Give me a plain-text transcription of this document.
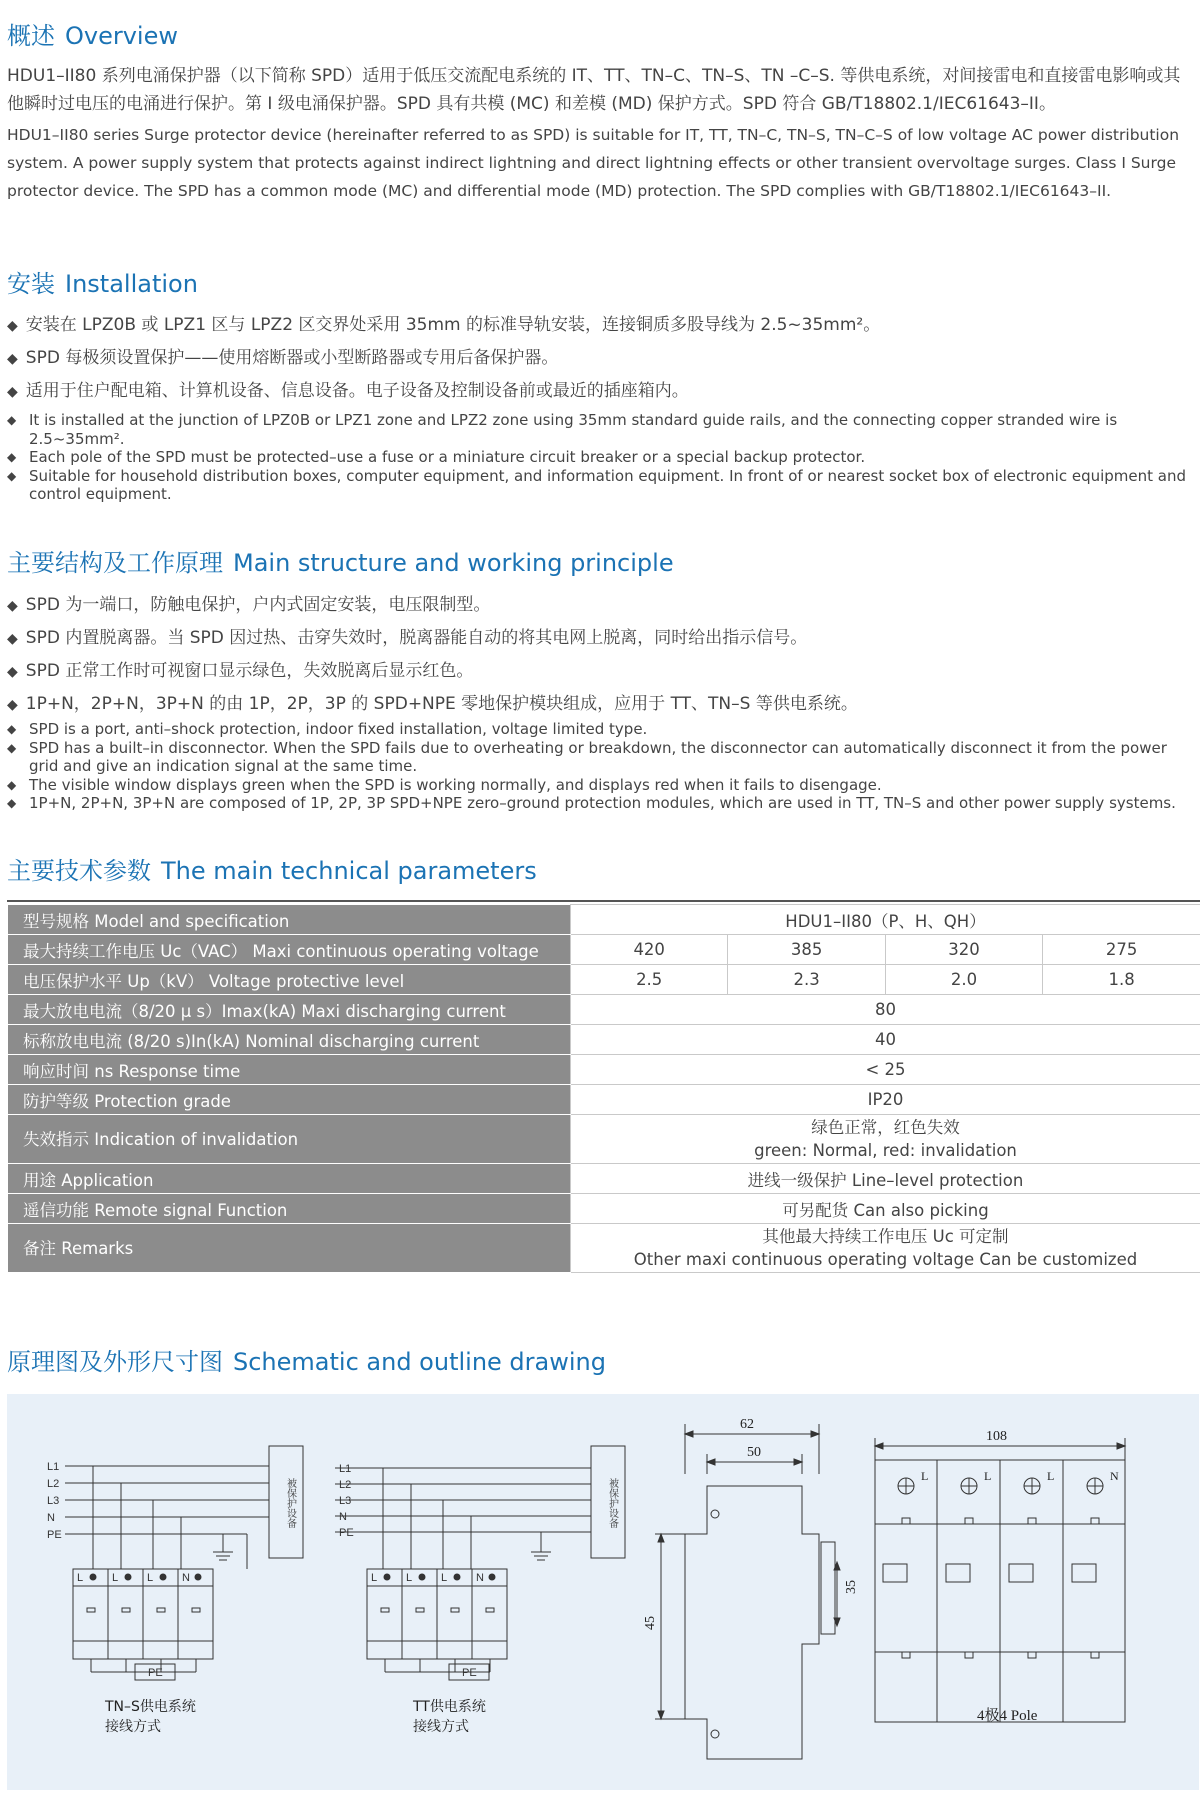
概述 Overview
HDU1–II80 系列电涌保护器（以下简称 SPD）适用于低压交流配电系统的 IT、TT、TN–C、TN–S、TN –C–S. 等供电系统，对间接雷电和直接雷电影响或其他瞬时过电压的电涌进行保护。第 I 级电涌保护器。SPD 具有共模 (MC) 和差模 (MD) 保护方式。SPD 符合 GB/T18802.1/IEC61643–II。
HDU1–II80 series Surge protector device (hereinafter referred to as SPD) is suitable for IT, TT, TN–C, TN–S, TN–C–S of low voltage AC power distribution system. A power supply system that protects against indirect lightning and direct lightning effects or other transient overvoltage surges. Class I Surge protector device. The SPD has a common mode (MC) and differential mode (MD) protection. The SPD complies with GB/T18802.1/IEC61643–II.
安装 Installation
◆ 安装在 LPZ0B 或 LPZ1 区与 LPZ2 区交界处采用 35mm 的标准导轨安装，连接铜质多股导线为 2.5~35mm²。
◆ SPD 每极须设置保护——使用熔断器或小型断路器或专用后备保护器。
◆ 适用于住户配电箱、计算机设备、信息设备。电子设备及控制设备前或最近的插座箱内。
◆ It is installed at the junction of LPZ0B or LPZ1 zone and LPZ2 zone using 35mm standard guide rails, and the connecting copper stranded wire is 2.5~35mm².
◆ Each pole of the SPD must be protected–use a fuse or a miniature circuit breaker or a special backup protector.
◆ Suitable for household distribution boxes, computer equipment, and information equipment. In front of or nearest socket box of electronic equipment and control equipment.
主要结构及工作原理 Main structure and working principle
◆ SPD 为一端口，防触电保护，户内式固定安装，电压限制型。
◆ SPD 内置脱离器。当 SPD 因过热、击穿失效时，脱离器能自动的将其电网上脱离，同时给出指示信号。
◆ SPD 正常工作时可视窗口显示绿色，失效脱离后显示红色。
◆ 1P+N，2P+N，3P+N 的由 1P，2P，3P 的 SPD+NPE 零地保护模块组成，应用于 TT、TN–S 等供电系统。
◆ SPD is a port, anti–shock protection, indoor fixed installation, voltage limited type.
◆ SPD has a built–in disconnector. When the SPD fails due to overheating or breakdown, the disconnector can automatically disconnect it from the power grid and give an indication signal at the same time.
◆ The visible window displays green when the SPD is working normally, and displays red when it fails to disengage.
◆ 1P+N, 2P+N, 3P+N are composed of 1P, 2P, 3P SPD+NPE zero–ground protection modules, which are used in TT, TN–S and other power supply systems.
主要技术参数 The main technical parameters
型号规格 Model and specification	HDU1–II80（P、H、QH）			
最大持续工作电压 Uc（VAC） Maxi continuous operating voltage	420	385	320	275
电压保护水平 Up（kV） Voltage protective level	2.5	2.3	2.0	1.8
最大放电电流（8/20 μ s）Imax(kA) Maxi discharging current	80			
标称放电电流 (8/20 s)In(kA) Nominal discharging current	40			
响应时间 ns Response time	< 25			
防护等级 Protection grade	IP20			
失效指示 Indication of invalidation	绿色正常，红色失效
green: Normal, red: invalidation			

用途 Application	进线一级保护 Line–level protection			
遥信功能 Remote signal Function	可另配货 Can also picking			
备注 Remarks	其他最大持续工作电压 Uc 可定制
Other maxi continuous operating voltage Can be customized			
原理图及外形尺寸图 Schematic and outline drawing
L1
L2
L3
N
PE
L	L	L	N
PE
被保护设备
L1
L2
L3
N
PE
L	L	L	N
PE
被保护设备
62
50
45
35
108
L	L	L	N
TN–S供电系统
接线方式
TT供电系统
接线方式
4极4 Pole
